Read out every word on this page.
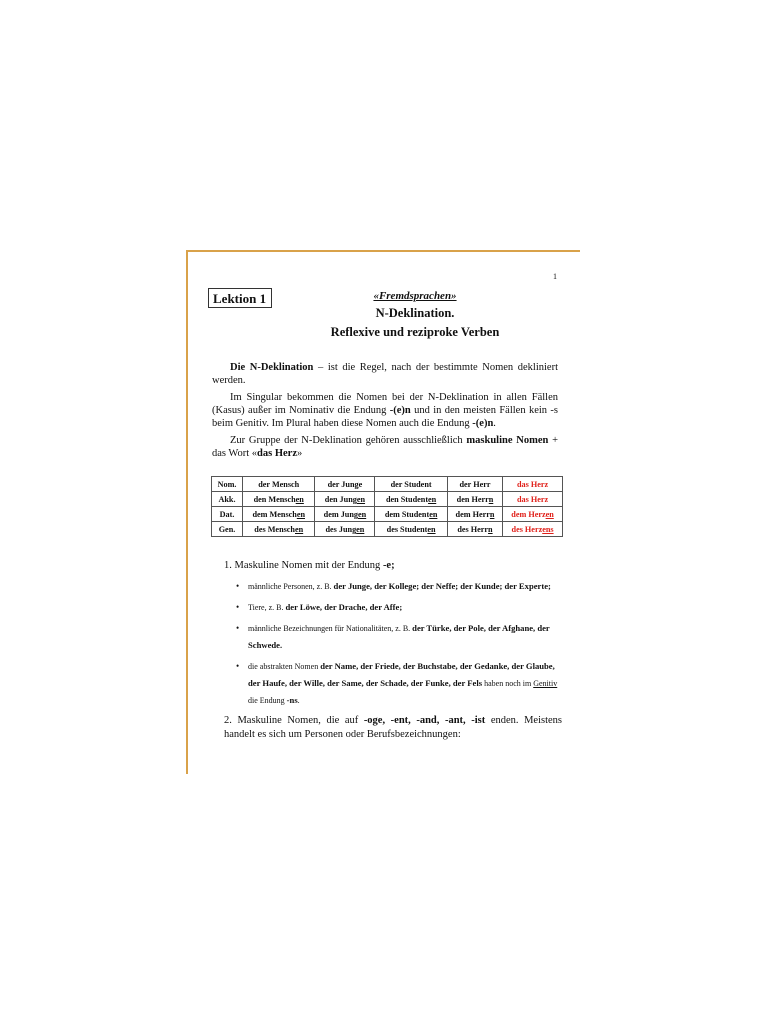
1
Lektion 1	«Fremdsprachen»
N-Deklination.
Reflexive und reziproke Verben
Die N-Deklination – ist die Regel, nach der bestimmte Nomen dekliniert werden.
Im Singular bekommen die Nomen bei der N-Deklination in allen Fällen (Kasus) außer im Nominativ die Endung -(e)n und in den meisten Fällen kein -s beim Genitiv. Im Plural haben diese Nomen auch die Endung -(e)n.
Zur Gruppe der N-Deklination gehören ausschließlich maskuline Nomen + das Wort «das Herz»
Nom.	der Mensch	der Junge	der Student	der Herr	das Herz
Akk.	den Menschen	den Jungen	den Studenten	den Herrn	das Herz
Dat.	dem Menschen	dem Jungen	dem Studenten	dem Herrn	dem Herzen
Gen.	des Menschen	des Jungen	des Studenten	des Herrn	des Herzens
1. Maskuline Nomen mit der Endung -e;
• männliche Personen, z. B. der Junge, der Kollege; der Neffe; der Kunde; der Experte;
• Tiere, z. B. der Löwe, der Drache, der Affe;
• männliche Bezeichnungen für Nationalitäten, z. B. der Türke, der Pole, der Afghane, der Schwede.
• die abstrakten Nomen der Name, der Friede, der Buchstabe, der Gedanke, der Glaube, der Haufe, der Wille, der Same, der Schade, der Funke, der Fels haben noch im Genitiv die Endung -ns.
2. Maskuline Nomen, die auf -oge, -ent, -and, -ant, -ist enden. Meistens handelt es sich um Personen oder Berufsbezeichnungen:
